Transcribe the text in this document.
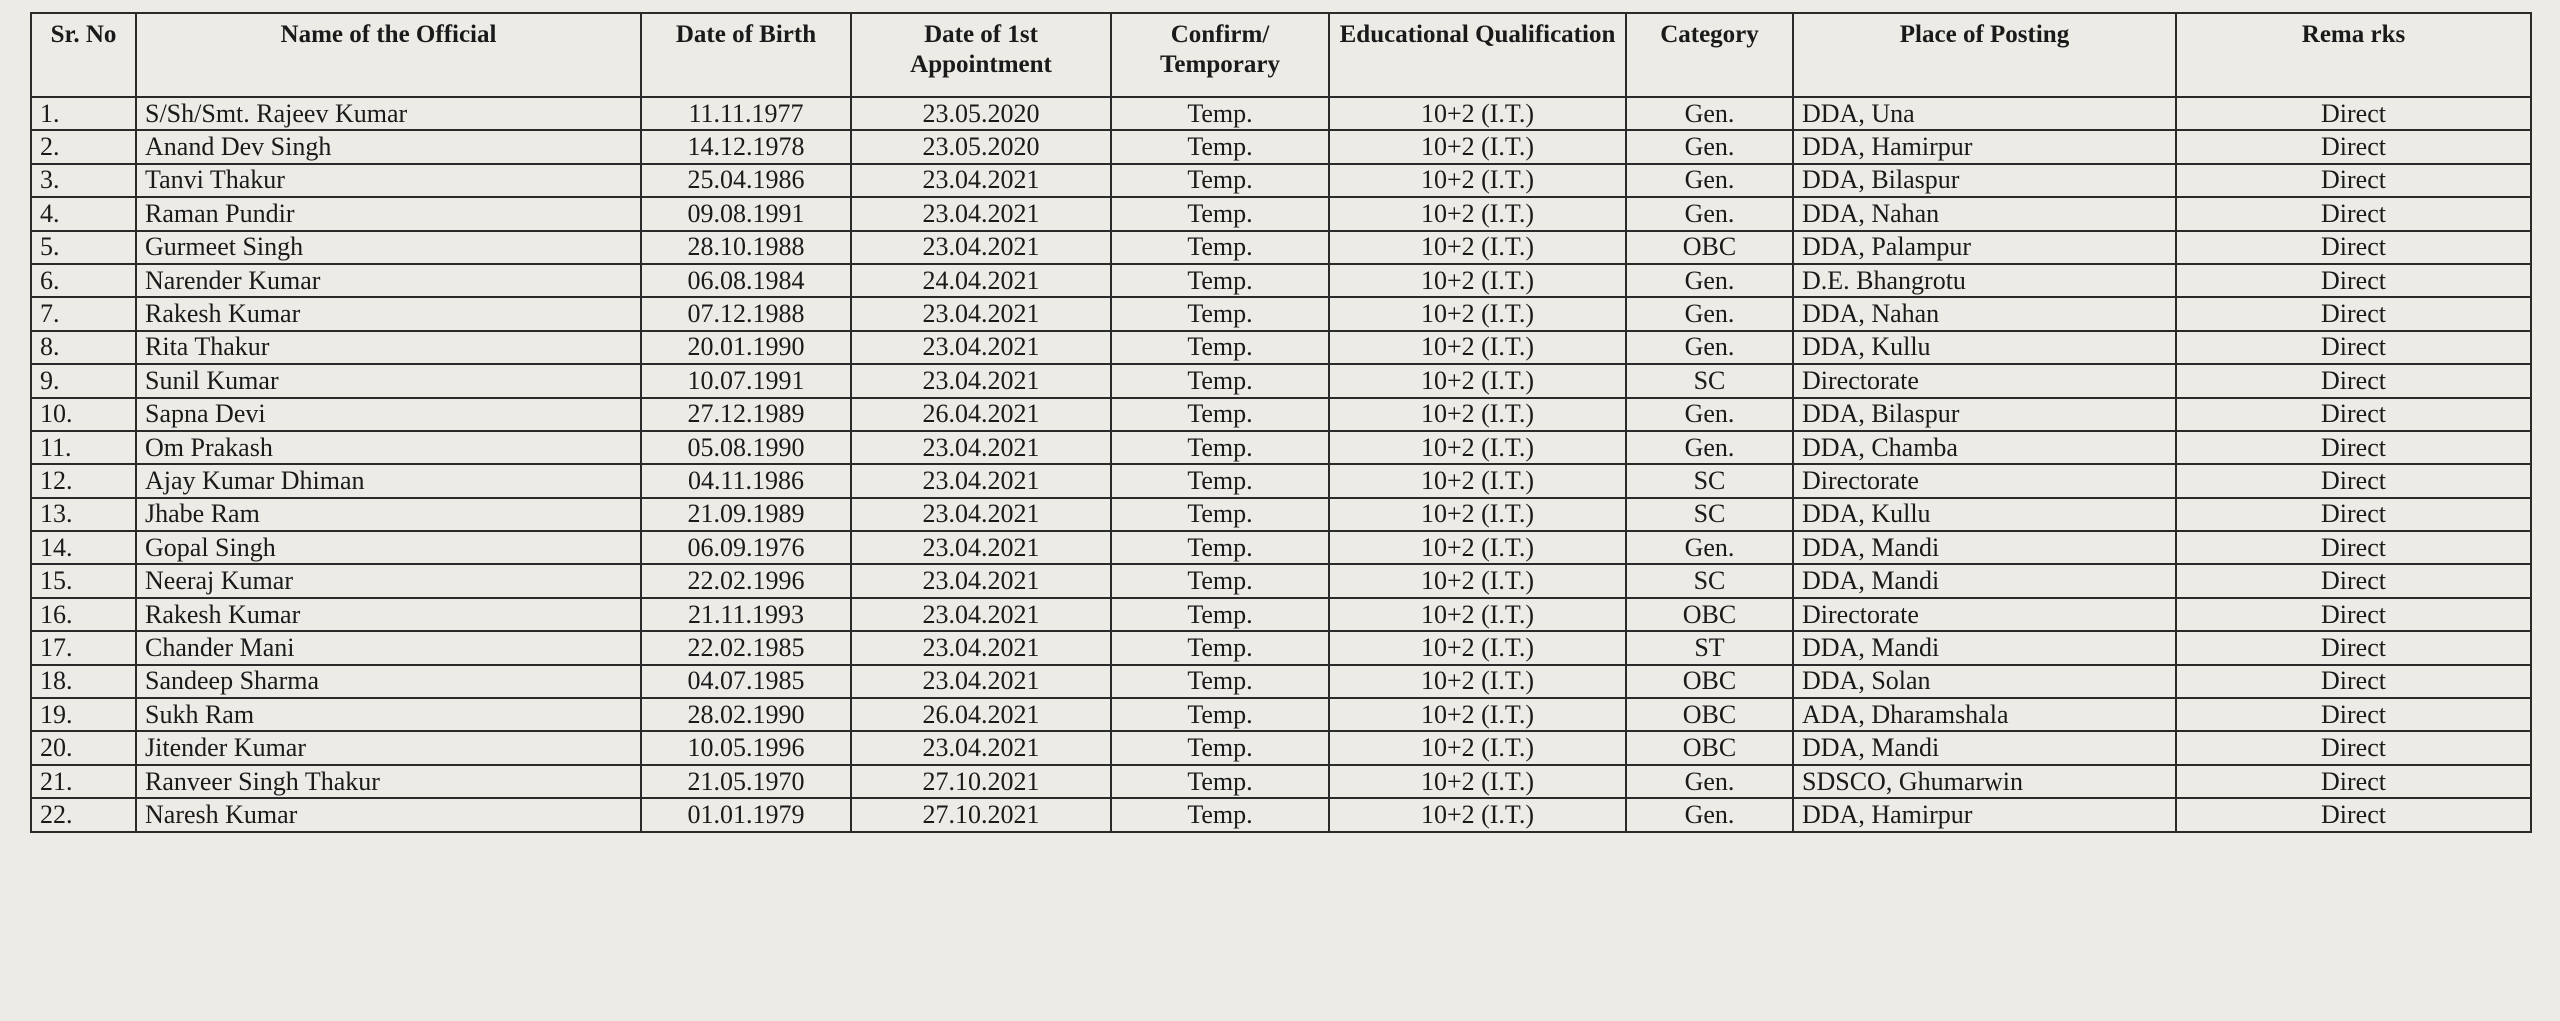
Sr. No	Name of the Official	Date of Birth	Date of 1st Appointment	Confirm/ Temporary	Educational Qualification	Category	Place of Posting	Rema rks
1.	S/Sh/Smt. Rajeev Kumar	11.11.1977	23.05.2020	Temp.	10+2 (I.T.)	Gen.	DDA, Una	Direct
2.	Anand Dev Singh	14.12.1978	23.05.2020	Temp.	10+2 (I.T.)	Gen.	DDA, Hamirpur	Direct
3.	Tanvi Thakur	25.04.1986	23.04.2021	Temp.	10+2 (I.T.)	Gen.	DDA, Bilaspur	Direct
4.	Raman Pundir	09.08.1991	23.04.2021	Temp.	10+2 (I.T.)	Gen.	DDA, Nahan	Direct
5.	Gurmeet Singh	28.10.1988	23.04.2021	Temp.	10+2 (I.T.)	OBC	DDA, Palampur	Direct
6.	Narender Kumar	06.08.1984	24.04.2021	Temp.	10+2 (I.T.)	Gen.	D.E. Bhangrotu	Direct
7.	Rakesh Kumar	07.12.1988	23.04.2021	Temp.	10+2 (I.T.)	Gen.	DDA, Nahan	Direct
8.	Rita Thakur	20.01.1990	23.04.2021	Temp.	10+2 (I.T.)	Gen.	DDA, Kullu	Direct
9.	Sunil Kumar	10.07.1991	23.04.2021	Temp.	10+2 (I.T.)	SC	Directorate	Direct
10.	Sapna Devi	27.12.1989	26.04.2021	Temp.	10+2 (I.T.)	Gen.	DDA, Bilaspur	Direct
11.	Om Prakash	05.08.1990	23.04.2021	Temp.	10+2 (I.T.)	Gen.	DDA, Chamba	Direct
12.	Ajay Kumar Dhiman	04.11.1986	23.04.2021	Temp.	10+2 (I.T.)	SC	Directorate	Direct
13.	Jhabe Ram	21.09.1989	23.04.2021	Temp.	10+2 (I.T.)	SC	DDA, Kullu	Direct
14.	Gopal Singh	06.09.1976	23.04.2021	Temp.	10+2 (I.T.)	Gen.	DDA, Mandi	Direct
15.	Neeraj Kumar	22.02.1996	23.04.2021	Temp.	10+2 (I.T.)	SC	DDA, Mandi	Direct
16.	Rakesh Kumar	21.11.1993	23.04.2021	Temp.	10+2 (I.T.)	OBC	Directorate	Direct
17.	Chander Mani	22.02.1985	23.04.2021	Temp.	10+2 (I.T.)	ST	DDA, Mandi	Direct
18.	Sandeep Sharma	04.07.1985	23.04.2021	Temp.	10+2 (I.T.)	OBC	DDA, Solan	Direct
19.	Sukh Ram	28.02.1990	26.04.2021	Temp.	10+2 (I.T.)	OBC	ADA, Dharamshala	Direct
20.	Jitender Kumar	10.05.1996	23.04.2021	Temp.	10+2 (I.T.)	OBC	DDA, Mandi	Direct
21.	Ranveer Singh Thakur	21.05.1970	27.10.2021	Temp.	10+2 (I.T.)	Gen.	SDSCO, Ghumarwin	Direct
22.	Naresh Kumar	01.01.1979	27.10.2021	Temp.	10+2 (I.T.)	Gen.	DDA, Hamirpur	Direct
